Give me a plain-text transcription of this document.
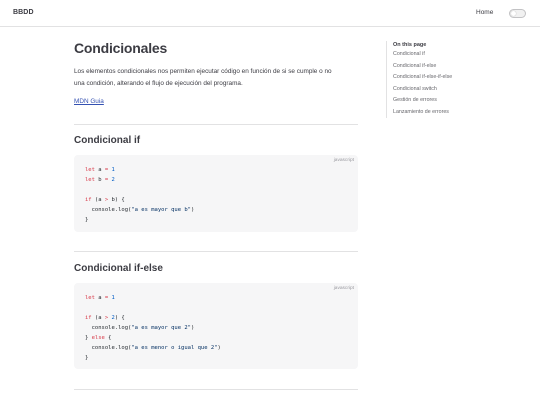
BBDD	Home
Condicionales

Los elementos condicionales nos permiten ejecutar código en función de si se cumple o no
una condición, alterando el flujo de ejecución del programa.

MDN Guia
Condicional if
javascript
let a = 1
let b = 2
if (a > b) {
console.log("a es mayor que b")
}
Condicional if-else
javascript
let a = 1
if (a > 2) {
console.log("a es mayor que 2")
} else {
console.log("a es menor o igual que 2")
}
On this page
Condicional if
Condicional if-else
Condicional if-else-if-else
Condicional switch
Gestión de errores
Lanzamiento de errores
